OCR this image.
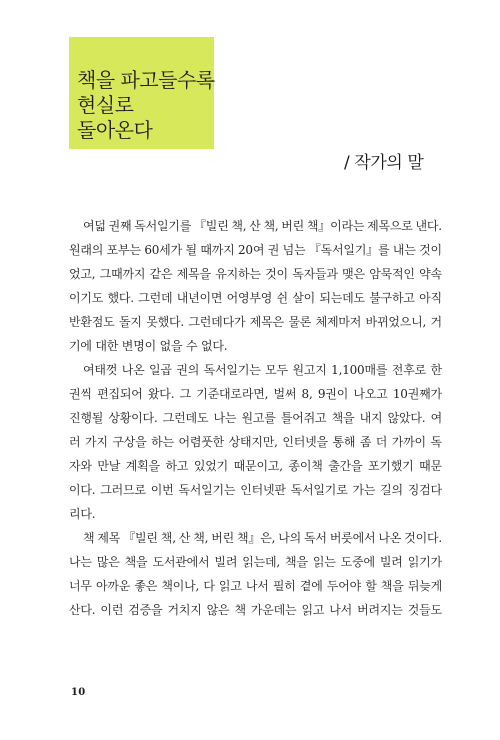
책을 파고들수록
현실로
돌아온다
/ 작가의 말
여덟 권째 독서일기를 『빌린 책, 산 책, 버린 책』이라는 제목으로 낸다.
원래의 포부는 60세가 될 때까지 20여 권 넘는 『독서일기』를 내는 것이
었고, 그때까지 같은 제목을 유지하는 것이 독자들과 맺은 암묵적인 약속
이기도 했다. 그런데 내년이면 어영부영 쉰 살이 되는데도 불구하고 아직
반환점도 돌지 못했다. 그런데다가 제목은 물론 체제마저 바뀌었으니, 거
기에 대한 변명이 없을 수 없다.
여태껏 나온 일곱 권의 독서일기는 모두 원고지 1,100매를 전후로 한
권씩 편집되어 왔다. 그 기준대로라면, 벌써 8, 9권이 나오고 10권째가
진행될 상황이다. 그런데도 나는 원고를 틀어쥐고 책을 내지 않았다. 여
러 가지 구상을 하는 어렴풋한 상태지만, 인터넷을 통해 좀 더 가까이 독
자와 만날 계획을 하고 있었기 때문이고, 종이책 출간을 포기했기 때문
이다. 그러므로 이번 독서일기는 인터넷판 독서일기로 가는 길의 징검다
리다.
책 제목 『빌린 책, 산 책, 버린 책』은, 나의 독서 버릇에서 나온 것이다.
나는 많은 책을 도서관에서 빌려 읽는데, 책을 읽는 도중에 빌려 읽기가
너무 아까운 좋은 책이나, 다 읽고 나서 필히 곁에 두어야 할 책을 뒤늦게
산다. 이런 검증을 거치지 않은 책 가운데는 읽고 나서 버려지는 것들도
10
